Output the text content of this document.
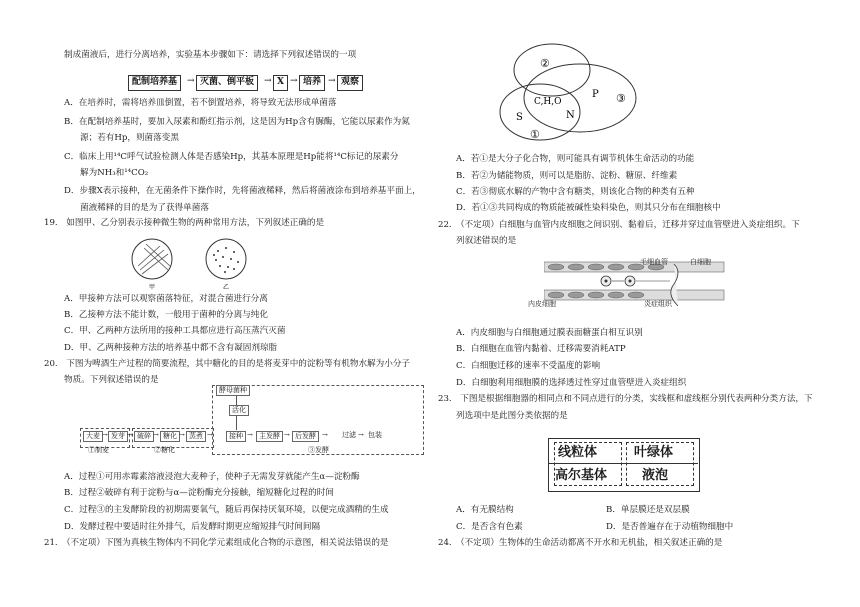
制成菌液后，进行分离培养，实验基本步骤如下：请选择下列叙述错误的一项
配制培养基	→ 灭菌、倒平板	→ X → 培养 → 观察
A．在培养时，需将培养皿倒置，若不倒置培养，将导致无法形成单菌落
B．在配制培养基时，要加入尿素和酚红指示剂，这是因为Hp含有脲酶，它能以尿素作为氮
源；若有Hp，则菌落变黑
C．临床上用¹⁴C呼气试验检测人体是否感染Hp，其基本原理是Hp能将¹⁴C标记的尿素分
解为NH₃和¹⁴CO₂
D．步骤X表示接种，在无菌条件下操作时，先将菌液稀释，然后将菌液涂布到培养基平面上，
菌液稀释的目的是为了获得单菌落
19.　如图甲、乙分别表示接种微生物的两种常用方法，下列叙述正确的是
甲	乙
A．甲接种方法可以观察菌落特征，对混合菌进行分离
B．乙接种方法不能计数，一般用于菌种的分离与纯化
C．甲、乙两种方法所用的接种工具都应进行高压蒸汽灭菌
D．甲、乙两种接种方法的培养基中都不含有凝固剂琼脂
20.　下图为啤酒生产过程的简要流程，其中糖化的目的是将麦芽中的淀粉等有机物水解为小分子
物质。下列叙述错误的是
酵母菌种
活化
大麦 → 发芽 → 破碎 → 糖化 → 蒸煮 →	接种 → 主发酵 → 后发酵 → 过滤 → 包装
①制麦	②糖化	③发酵
A．过程①可用赤霉素溶液浸泡大麦种子，使种子无需发芽就能产生α—淀粉酶
B．过程②破碎有利于淀粉与α—淀粉酶充分接触，缩短糖化过程的时间
C．过程③的主发酵阶段的初期需要氧气，随后再保持厌氧环境，以便完成酒精的生成
D．发酵过程中要适时往外排气，后发酵时期更应缩短排气时间间隔
21.　（不定项）下图为真核生物体内不同化学元素组成化合物的示意图，相关说法错误的是
②
P ③
S
①
C,H,O
N
A．若①是大分子化合物，则可能具有调节机体生命活动的功能
B．若②为储能物质，则可以是脂肪、淀粉、糖原、纤维素
C．若③彻底水解的产物中含有糖类，则该化合物的种类有五种
D．若①③共同构成的物质能被碱性染料染色，则其只分布在细胞核中
22.　（不定项）白细胞与血管内皮细胞之间识别、黏着后，迁移并穿过血管壁进入炎症组织。下
列叙述错误的是
毛细血管	白细胞
内皮细胞	炎症组织
A．内皮细胞与白细胞通过膜表面糖蛋白相互识别
B．白细胞在血管内黏着、迁移需要消耗ATP
C．白细胞迁移的速率不受温度的影响
D．白细胞利用细胞膜的选择透过性穿过血管壁进入炎症组织
23.　下图是根据细胞器的相同点和不同点进行的分类，实线框和虚线框分别代表两种分类方法，下
列选项中是此图分类依据的是
线粒体	叶绿体
高尔基体	液泡
A．有无膜结构	B．单层膜还是双层膜
C．是否含有色素	D．是否普遍存在于动植物细胞中
24.　（不定项）生物体的生命活动都离不开水和无机盐，相关叙述正确的是
